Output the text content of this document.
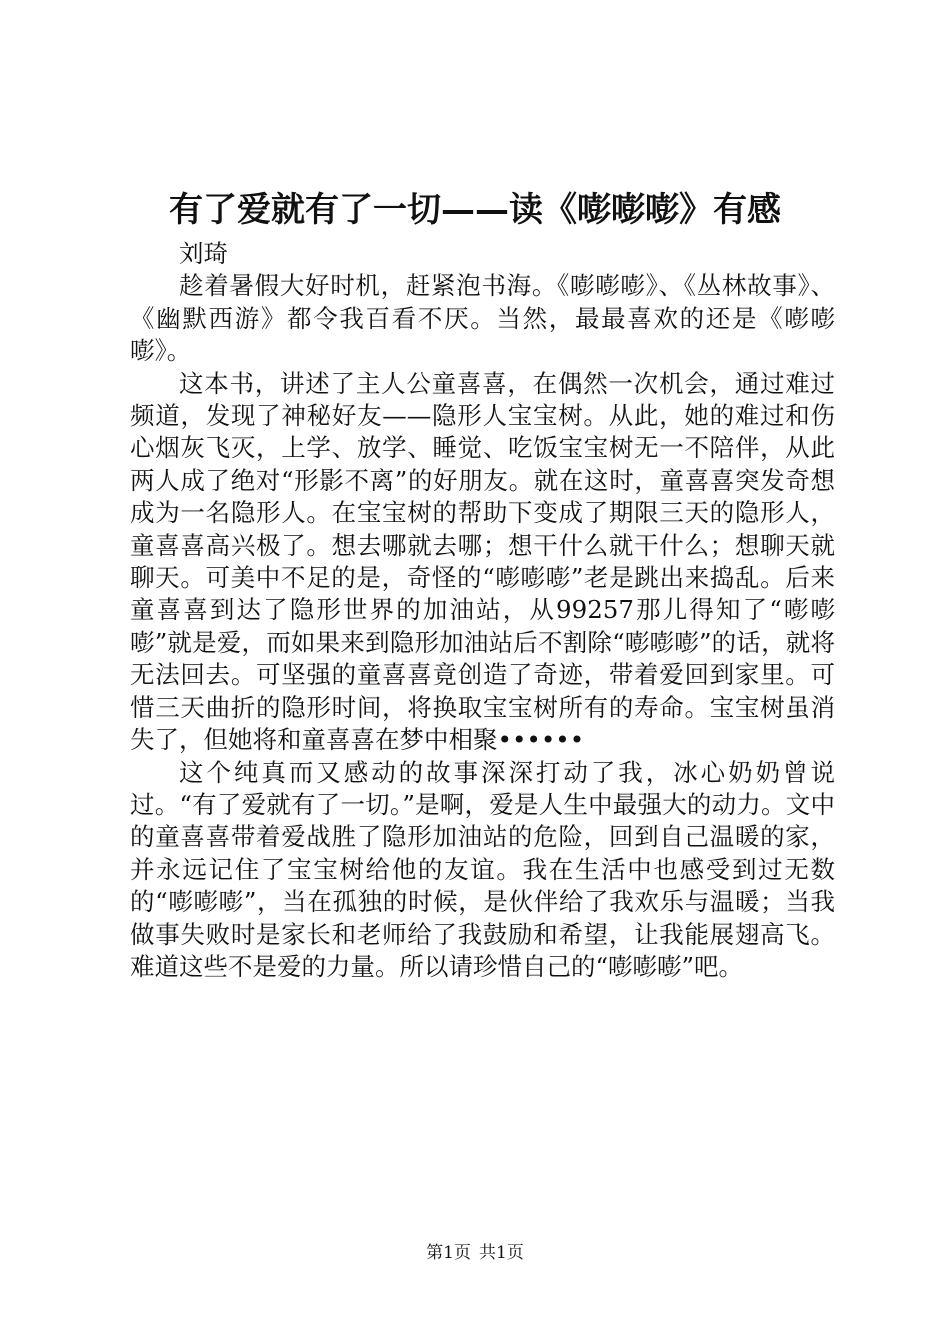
有了爱就有了一切——读《嘭嘭嘭》有感

刘琦

趁着暑假大好时机，赶紧泡书海。《嘭嘭嘭》、《丛林故事》、《幽默西游》都令我百看不厌。当然，最最喜欢的还是《嘭嘭嘭》。

这本书，讲述了主人公童喜喜，在偶然一次机会，通过难过频道，发现了神秘好友——隐形人宝宝树。从此，她的难过和伤心烟灰飞灭，上学、放学、睡觉、吃饭宝宝树无一不陪伴，从此两人成了绝对“形影不离”的好朋友。就在这时，童喜喜突发奇想成为一名隐形人。在宝宝树的帮助下变成了期限三天的隐形人，童喜喜高兴极了。想去哪就去哪；想干什么就干什么；想聊天就聊天。可美中不足的是，奇怪的“嘭嘭嘭”老是跳出来捣乱。后来童喜喜到达了隐形世界的加油站，从99257那儿得知了“嘭嘭嘭”就是爱，而如果来到隐形加油站后不割除“嘭嘭嘭”的话，就将无法回去。可坚强的童喜喜竟创造了奇迹，带着爱回到家里。可惜三天曲折的隐形时间，将换取宝宝树所有的寿命。宝宝树虽消失了，但她将和童喜喜在梦中相聚••••••

这个纯真而又感动的故事深深打动了我，冰心奶奶曾说过。“有了爱就有了一切。”是啊，爱是人生中最强大的动力。文中的童喜喜带着爱战胜了隐形加油站的危险，回到自己温暖的家，并永远记住了宝宝树给他的友谊。我在生活中也感受到过无数的“嘭嘭嘭”，当在孤独的时候，是伙伴给了我欢乐与温暖；当我做事失败时是家长和老师给了我鼓励和希望，让我能展翅高飞。难道这些不是爱的力量。所以请珍惜自己的“嘭嘭嘭”吧。

第1页 共1页
